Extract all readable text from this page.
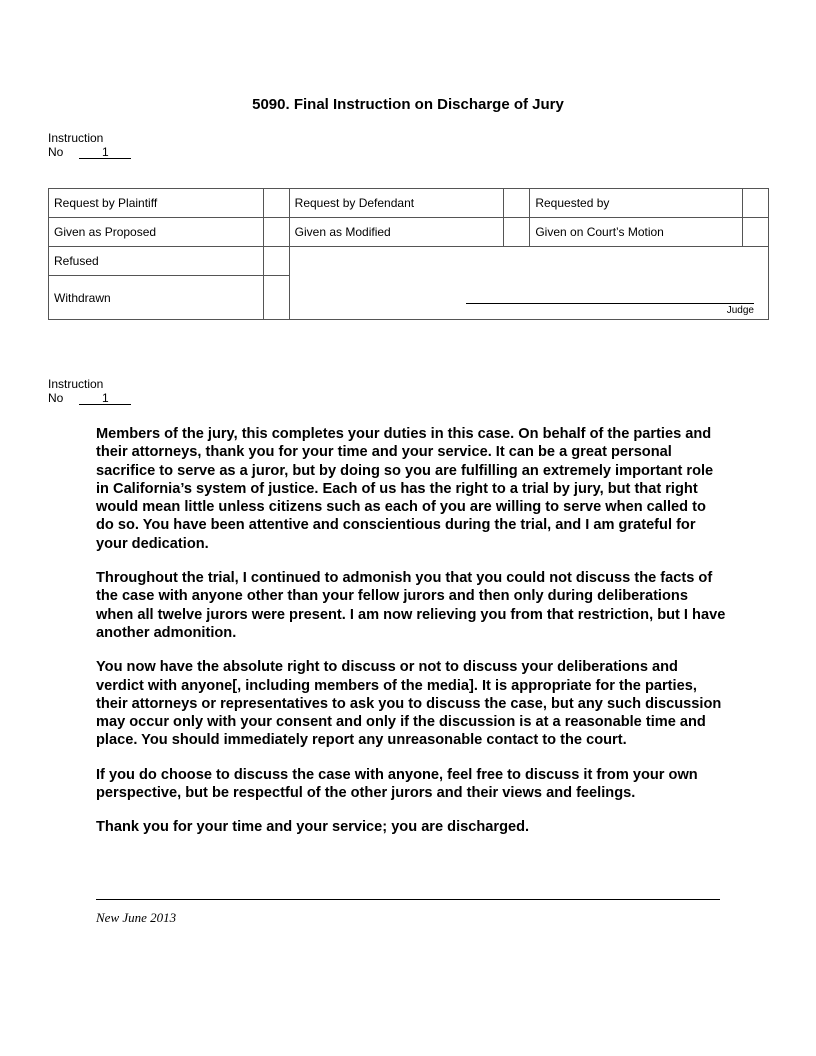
5090. Final Instruction on Discharge of Jury
Instruction
No	1
Request by Plaintiff		Request by Defendant		Requested by	
Given as Proposed		Given as Modified		Given on Court’s Motion	
Refused		Judge			

Withdrawn					
Instruction
No	1

Members of the jury, this completes your duties in this case. On behalf of the parties and their attorneys, thank you for your time and your service. It can be a great personal sacrifice to serve as a juror, but by doing so you are fulfilling an extremely important role in California’s system of justice. Each of us has the right to a trial by jury, but that right would mean little unless citizens such as each of you are willing to serve when called to do so. You have been attentive and conscientious during the trial, and I am grateful for your dedication.

Throughout the trial, I continued to admonish you that you could not discuss the facts of the case with anyone other than your fellow jurors and then only during deliberations when all twelve jurors were present. I am now relieving you from that restriction, but I have another admonition.

You now have the absolute right to discuss or not to discuss your deliberations and verdict with anyone[, including members of the media]. It is appropriate for the parties, their attorneys or representatives to ask you to discuss the case, but any such discussion may occur only with your consent and only if the discussion is at a reasonable time and place. You should immediately report any unreasonable contact to the court.

If you do choose to discuss the case with anyone, feel free to discuss it from your own perspective, but be respectful of the other jurors and their views and feelings.

Thank you for your time and your service; you are discharged.

New June 2013
